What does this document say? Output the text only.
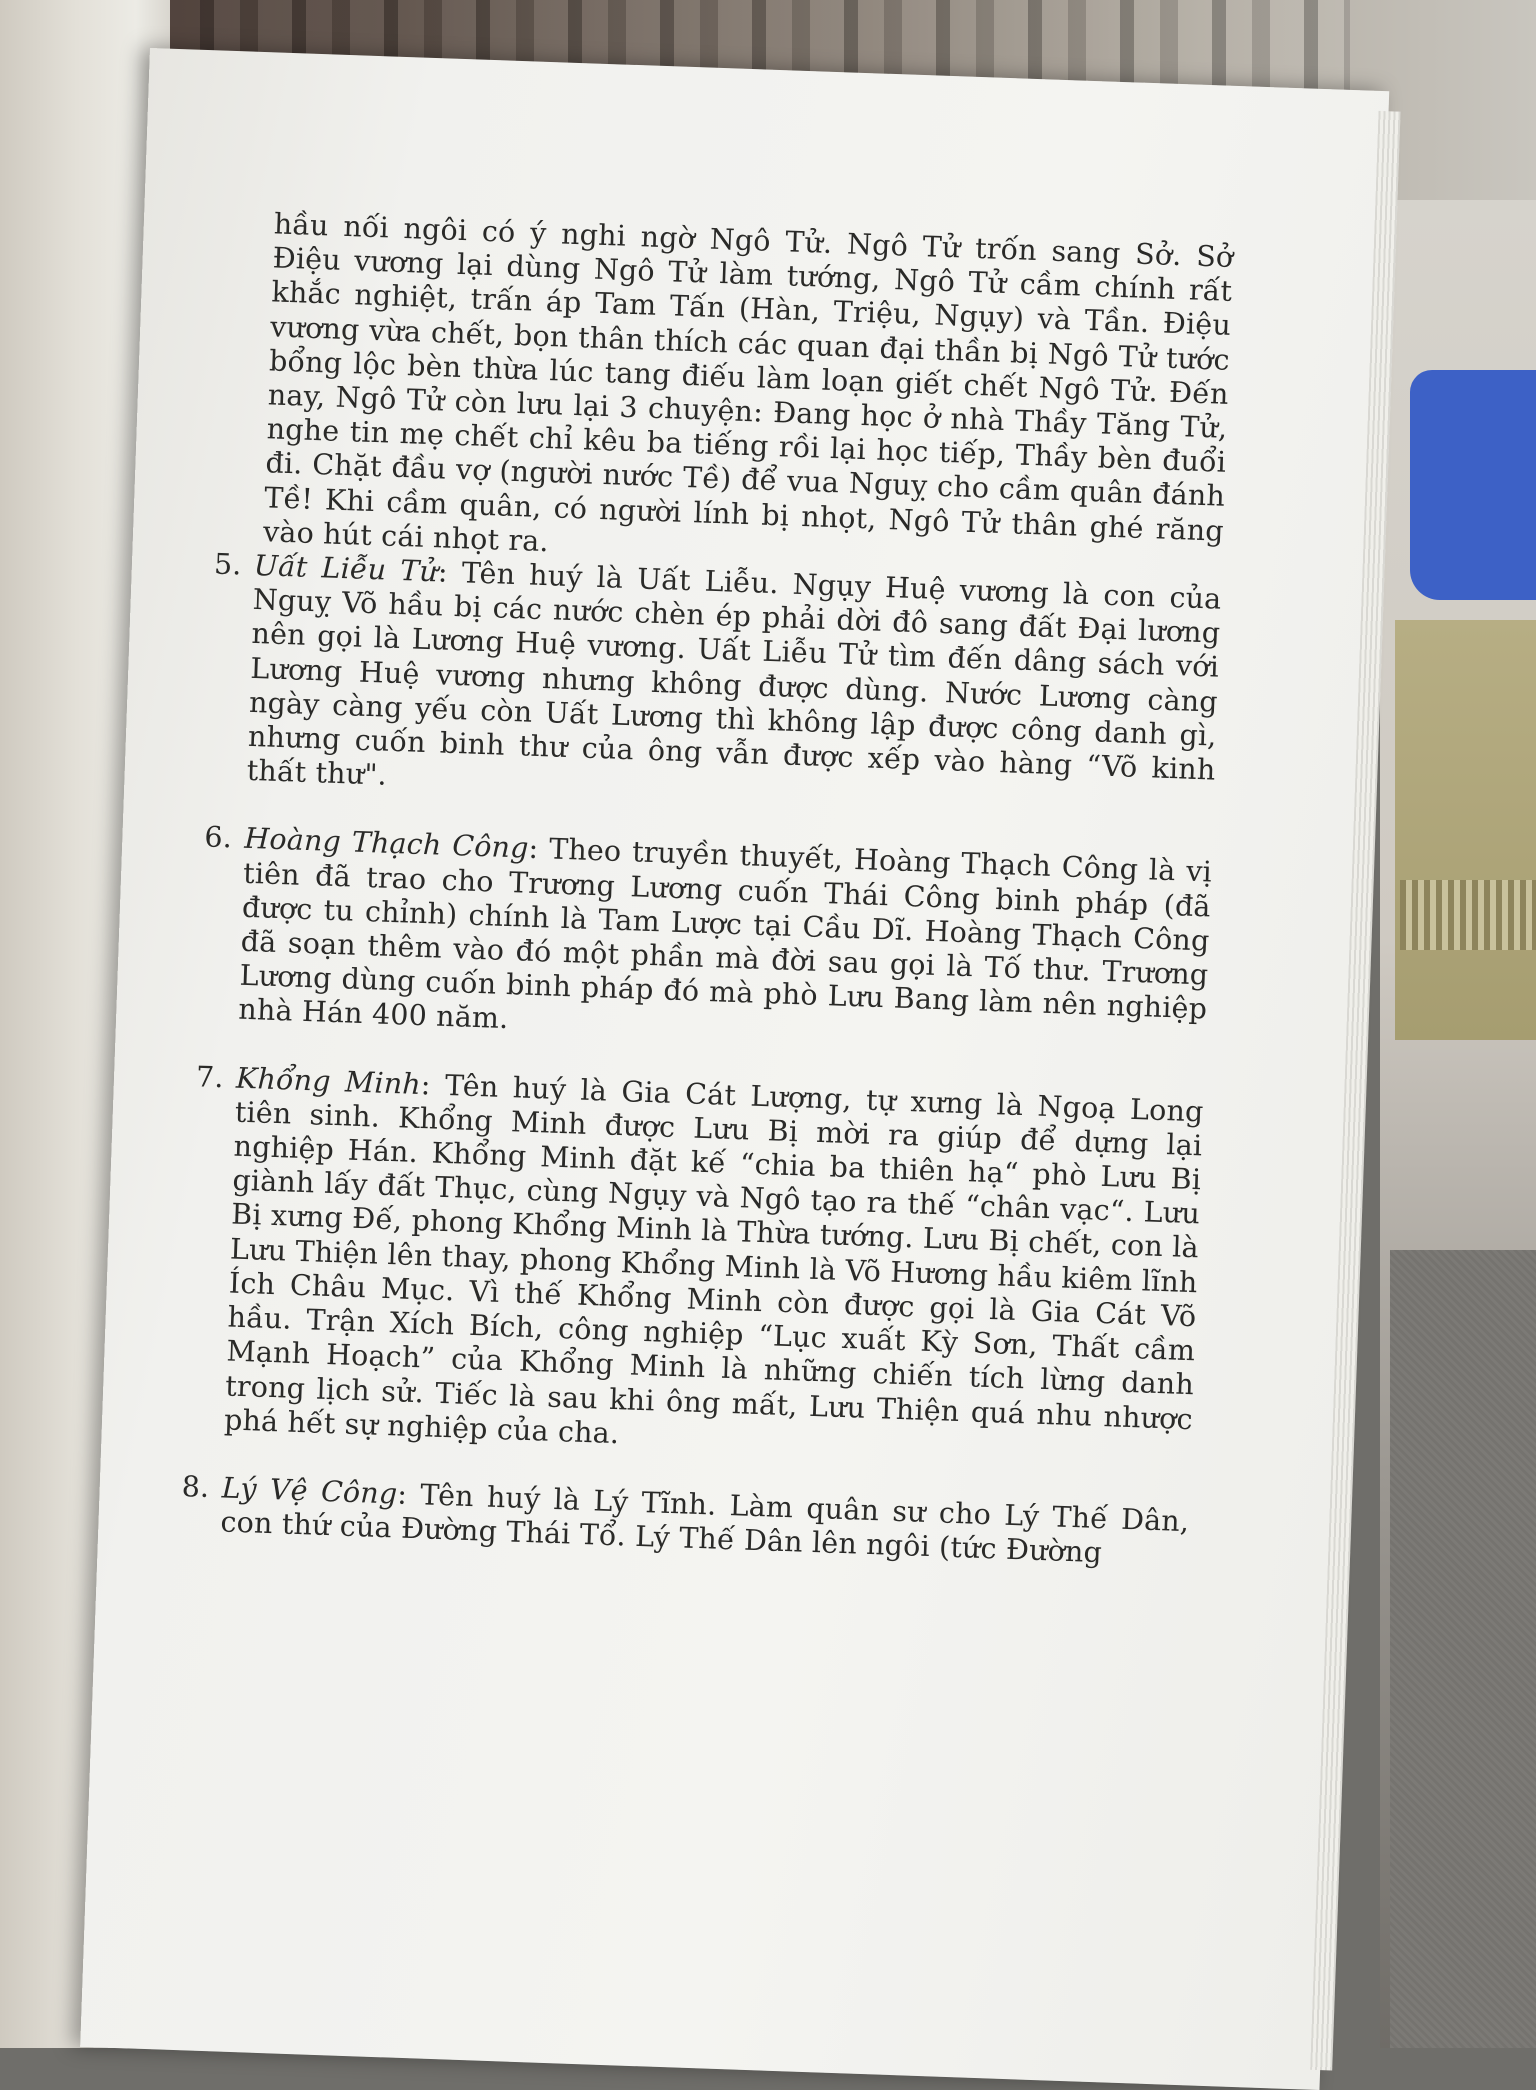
hầu nối ngôi có ý nghi ngờ Ngô Tử. Ngô Tử trốn sang Sở. Sở Điệu vương lại dùng Ngô Tử làm tướng, Ngô Tử cầm chính rất khắc nghiệt, trấn áp Tam Tấn (Hàn, Triệu, Ngụy) và Tần. Điệu vương vừa chết, bọn thân thích các quan đại thần bị Ngô Tử tước bổng lộc bèn thừa lúc tang điếu làm loạn giết chết Ngô Tử. Đến nay, Ngô Tử còn lưu lại 3 chuyện: Đang học ở nhà Thầy Tăng Tử, nghe tin mẹ chết chỉ kêu ba tiếng rồi lại học tiếp, Thầy bèn đuổi đi. Chặt đầu vợ (người nước Tề) để vua Nguỵ cho cầm quân đánh Tề! Khi cầm quân, có người lính bị nhọt, Ngô Tử thân ghé răng vào hút cái nhọt ra.

5. Uất Liễu Tử: Tên huý là Uất Liễu. Ngụy Huệ vương là con của Nguỵ Võ hầu bị các nước chèn ép phải dời đô sang đất Đại lương nên gọi là Lương Huệ vương. Uất Liễu Tử tìm đến dâng sách với Lương Huệ vương nhưng không được dùng. Nước Lương càng ngày càng yếu còn Uất Lương thì không lập được công danh gì, nhưng cuốn binh thư của ông vẫn được xếp vào hàng “Võ kinh thất thư".
6. Hoàng Thạch Công: Theo truyền thuyết, Hoàng Thạch Công là vị tiên đã trao cho Trương Lương cuốn Thái Công binh pháp (đã được tu chỉnh) chính là Tam Lược tại Cầu Dĩ. Hoàng Thạch Công đã soạn thêm vào đó một phần mà đời sau gọi là Tố thư. Trương Lương dùng cuốn binh pháp đó mà phò Lưu Bang làm nên nghiệp nhà Hán 400 năm.
7. Khổng Minh: Tên huý là Gia Cát Lượng, tự xưng là Ngoạ Long tiên sinh. Khổng Minh được Lưu Bị mời ra giúp để dựng lại nghiệp Hán. Khổng Minh đặt kế “chia ba thiên hạ“ phò Lưu Bị giành lấy đất Thục, cùng Ngụy và Ngô tạo ra thế “chân vạc“. Lưu Bị xưng Đế, phong Khổng Minh là Thừa tướng. Lưu Bị chết, con là Lưu Thiện lên thay, phong Khổng Minh là Võ Hương hầu kiêm lĩnh Ích Châu Mục. Vì thế Khổng Minh còn được gọi là Gia Cát Võ hầu. Trận Xích Bích, công nghiệp “Lục xuất Kỳ Sơn, Thất cầm Mạnh Hoạch” của Khổng Minh là những chiến tích lừng danh trong lịch sử. Tiếc là sau khi ông mất, Lưu Thiện quá nhu nhược phá hết sự nghiệp của cha.
8. Lý Vệ Công: Tên huý là Lý Tĩnh. Làm quân sư cho Lý Thế Dân, con thứ của Đường Thái Tổ. Lý Thế Dân lên ngôi (tức Đường
